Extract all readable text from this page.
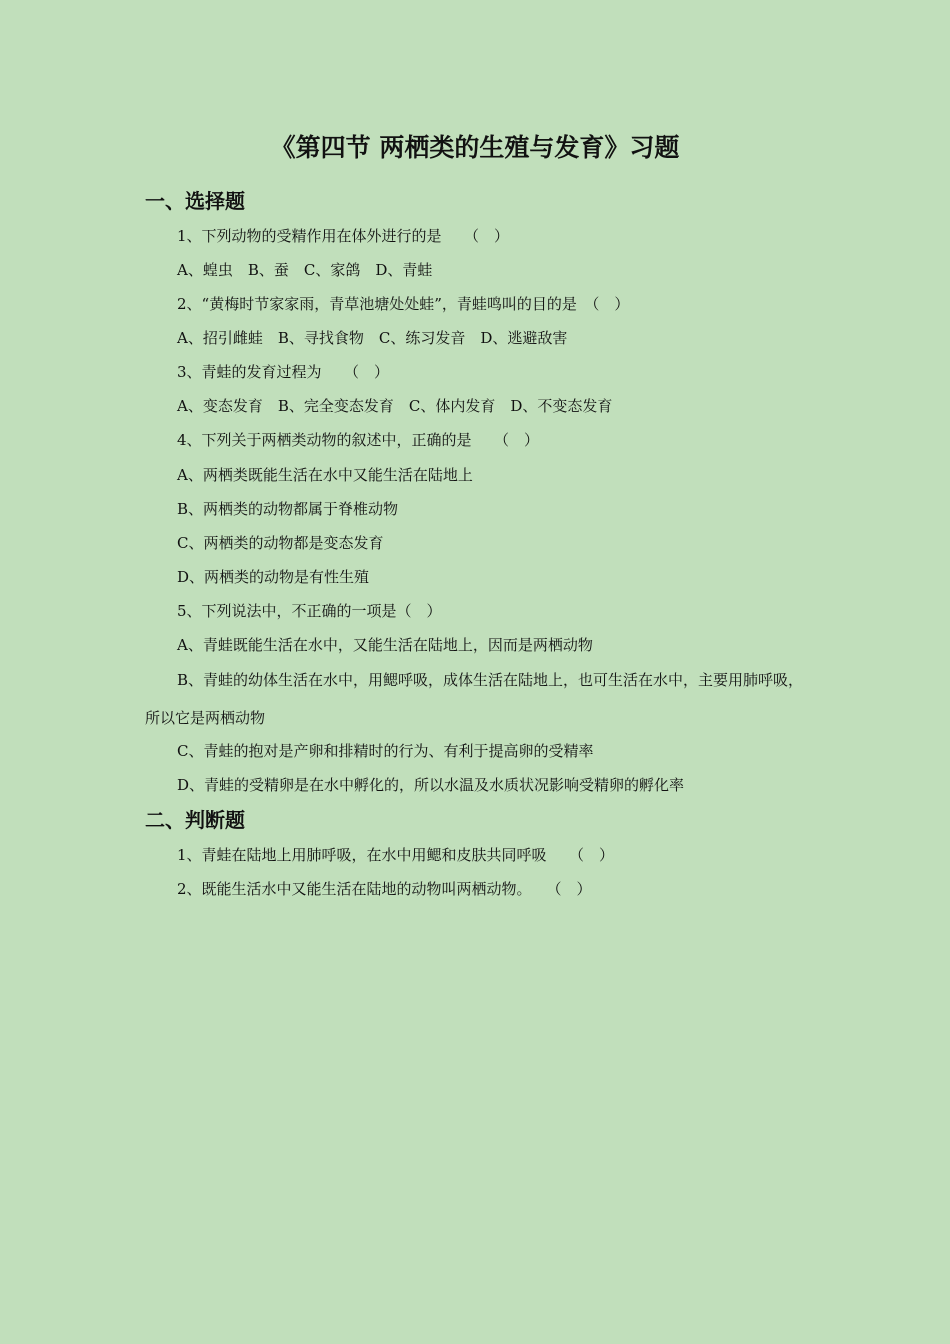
《第四节 两栖类的生殖与发育》习题
一、选择题
1、下列动物的受精作用在体外进行的是　　（　）
A、蝗虫　B、蚕　C、家鸽　D、青蛙
2、“黄梅时节家家雨，青草池塘处处蛙”，青蛙鸣叫的目的是　（　）
A、招引雌蛙　B、寻找食物　C、练习发音　D、逃避敌害
3、青蛙的发育过程为　　（　）
A、变态发育　B、完全变态发育　C、体内发育　D、不变态发育
4、下列关于两栖类动物的叙述中，正确的是　　（　）
A、两栖类既能生活在水中又能生活在陆地上
B、两栖类的动物都属于脊椎动物
C、两栖类的动物都是变态发育
D、两栖类的动物是有性生殖
5、下列说法中，不正确的一项是（　）
A、青蛙既能生活在水中，又能生活在陆地上，因而是两栖动物
B、青蛙的幼体生活在水中，用鳃呼吸，成体生活在陆地上，也可生活在水中，主要用肺呼吸，所以它是两栖动物
C、青蛙的抱对是产卵和排精时的行为、有利于提高卵的受精率
D、青蛙的受精卵是在水中孵化的，所以水温及水质状况影响受精卵的孵化率
二、判断题
1、青蛙在陆地上用肺呼吸，在水中用鳃和皮肤共同呼吸　　（　）
2、既能生活水中又能生活在陆地的动物叫两栖动物。　　（　）
